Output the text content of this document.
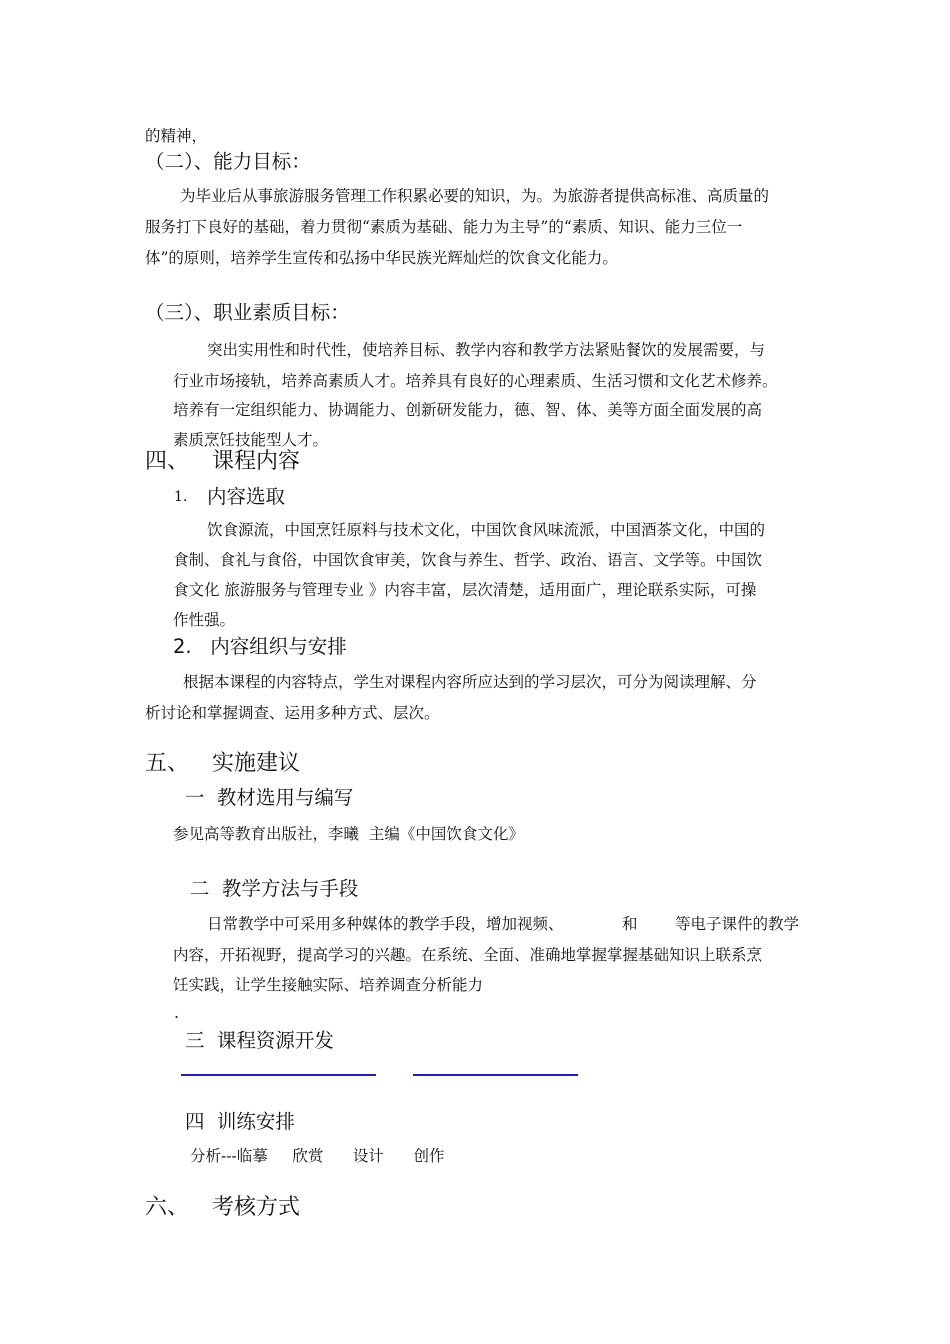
的精神，
（二）、能力目标：
为毕业后从事旅游服务管理工作积累必要的知识，为。为旅游者提供高标准、高质量的
服务打下良好的基础，着力贯彻“素质为基础、能力为主导”的“素质、知识、能力三位一
体”的原则，培养学生宣传和弘扬中华民族光辉灿烂的饮食文化能力。
（三）、职业素质目标：
突出实用性和时代性，使培养目标、教学内容和教学方法紧贴餐饮的发展需要，与
行业市场接轨，培养高素质人才。培养具有良好的心理素质、生活习惯和文化艺术修养。
培养有一定组织能力、协调能力、创新研发能力，德、智、体、美等方面全面发展的高
素质烹饪技能型人才。
四、 课程内容
1. 内容选取
饮食源流，中国烹饪原料与技术文化，中国饮食风味流派，中国酒茶文化，中国的
食制、食礼与食俗，中国饮食审美，饮食与养生、哲学、政治、语言、文学等。中国饮
食文化 旅游服务与管理专业 》内容丰富，层次清楚，适用面广，理论联系实际，可操
作性强。
2.   内容组织与安排
根据本课程的内容特点，学生对课程内容所应达到的学习层次，可分为阅读理解、分
析讨论和掌握调查、运用多种方式、层次。
五、 实施建议
一  教材选用与编写
参见高等教育出版社，李曦  主编《中国饮食文化》
二  教学方法与手段
日常教学中可采用多种媒体的教学手段，增加视频、	和 等电子课件的教学
内容，开拓视野，提高学习的兴趣。在系统、全面、准确地掌握掌握基础知识上联系烹
饪实践，让学生接触实际、培养调查分析能力
.
三  课程资源开发
四  训练安排
分析---临摹     欣赏      设计      创作
六、 考核方式
